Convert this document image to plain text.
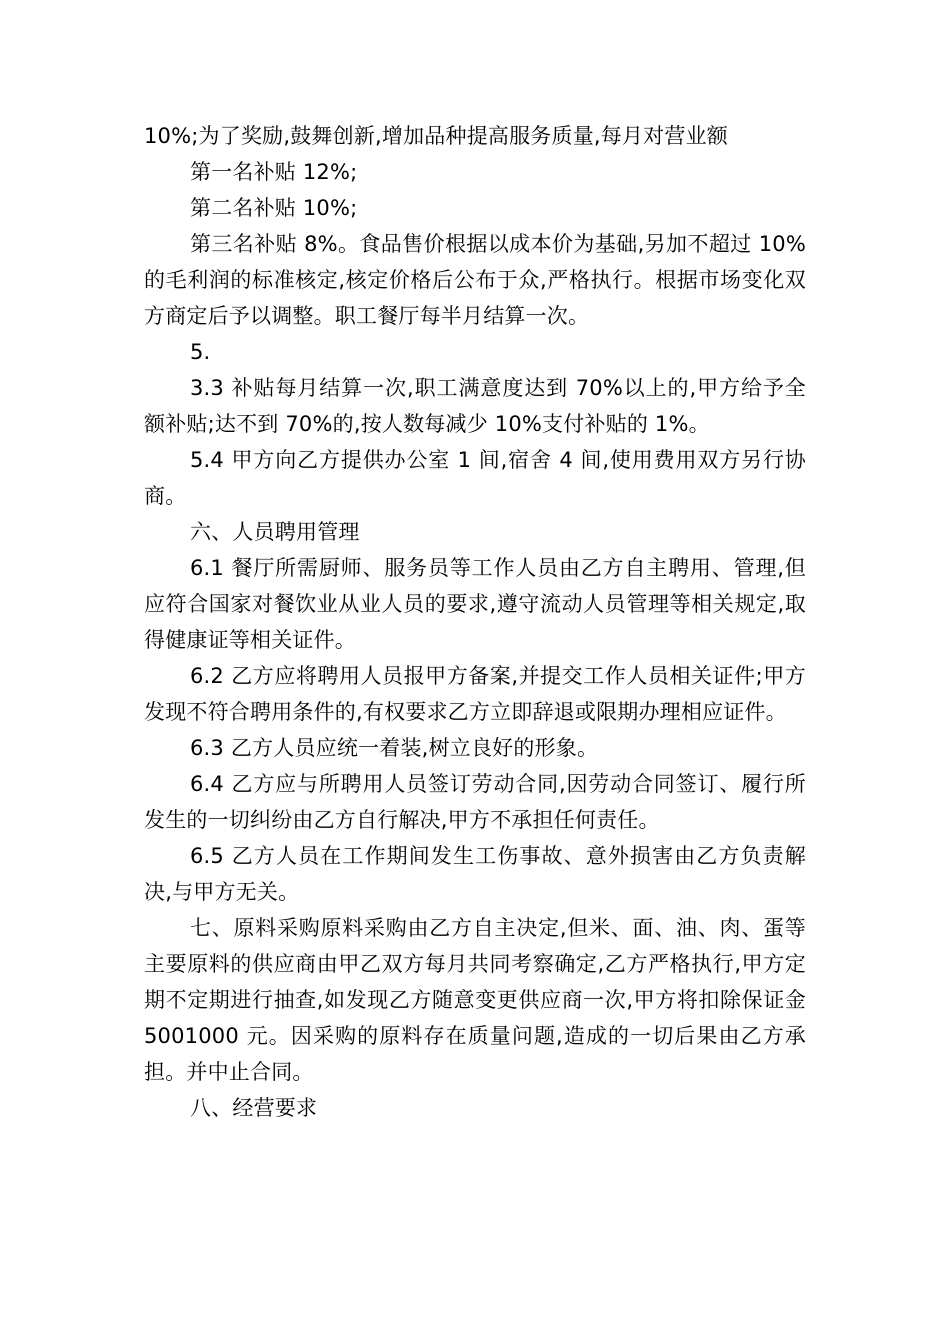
10%;为了奖励,鼓舞创新,增加品种提高服务质量,每月对营业额

第一名补贴 12%;

第二名补贴 10%;

第三名补贴 8%。食品售价根据以成本价为基础,另加不超过 10%的毛利润的标准核定,核定价格后公布于众,严格执行。根据市场变化双方商定后予以调整。职工餐厅每半月结算一次。

5.

3.3 补贴每月结算一次,职工满意度达到 70%以上的,甲方给予全额补贴;达不到 70%的,按人数每减少 10%支付补贴的 1%。

5.4 甲方向乙方提供办公室 1 间,宿舍 4 间,使用费用双方另行协商。

六、人员聘用管理

6.1 餐厅所需厨师、服务员等工作人员由乙方自主聘用、管理,但应符合国家对餐饮业从业人员的要求,遵守流动人员管理等相关规定,取得健康证等相关证件。

6.2 乙方应将聘用人员报甲方备案,并提交工作人员相关证件;甲方发现不符合聘用条件的,有权要求乙方立即辞退或限期办理相应证件。

6.3 乙方人员应统一着装,树立良好的形象。

6.4 乙方应与所聘用人员签订劳动合同,因劳动合同签订、履行所发生的一切纠纷由乙方自行解决,甲方不承担任何责任。

6.5 乙方人员在工作期间发生工伤事故、意外损害由乙方负责解决,与甲方无关。

七、原料采购原料采购由乙方自主决定,但米、面、油、肉、蛋等主要原料的供应商由甲乙双方每月共同考察确定,乙方严格执行,甲方定期不定期进行抽查,如发现乙方随意变更供应商一次,甲方将扣除保证金 5001000 元。因采购的原料存在质量问题,造成的一切后果由乙方承担。并中止合同。

八、经营要求
